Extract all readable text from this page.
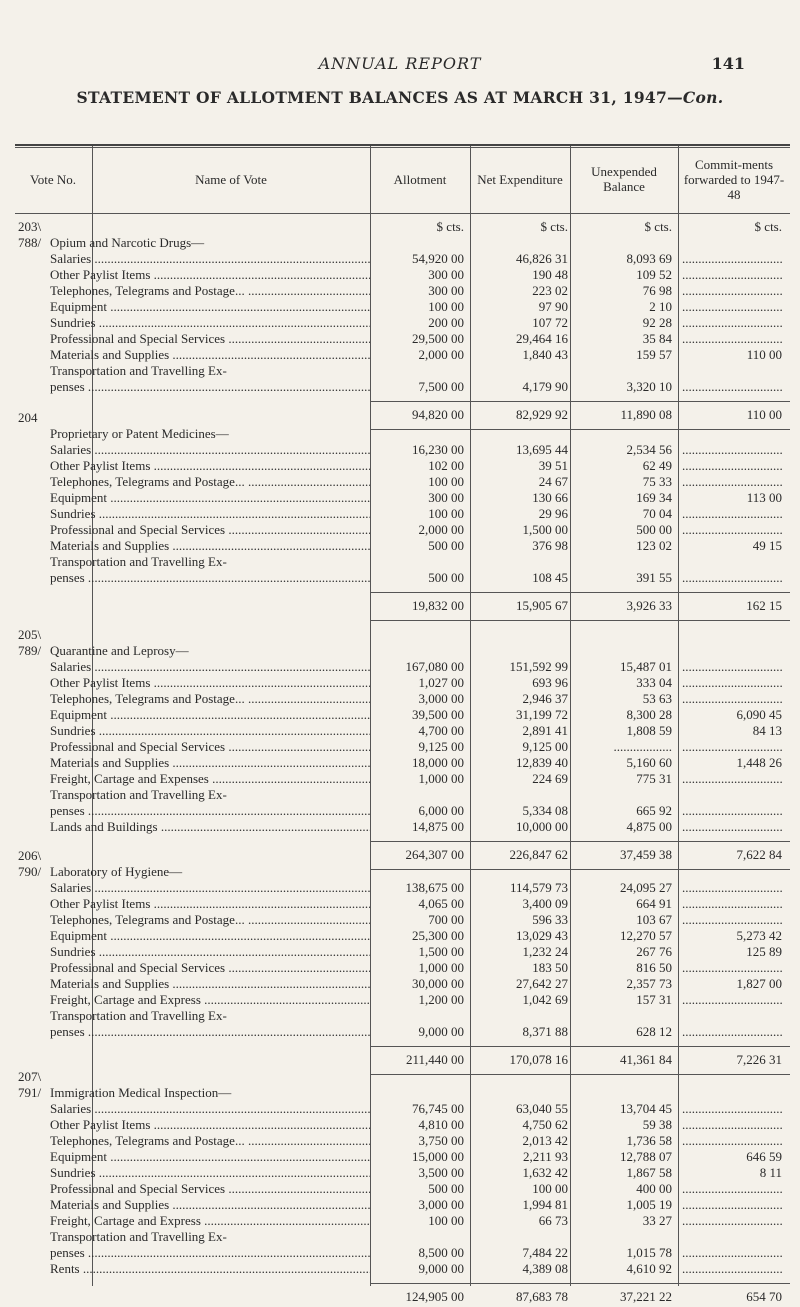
ANNUAL REPORT	141
STATEMENT OF ALLOTMENT BALANCES AS AT MARCH 31, 1947—Con.
Vote No.	Name of Vote	Allotment	Net Expenditure	Unexpended Balance
Commit-ments forwarded to 1947-48
$ cts.	$ cts.	$ cts.	$ cts.
203\
788/ Opium and Narcotic Drugs—
Salaries .....	54,920 00	46,826 31	8,093 69
.....
Other Paylist Items .....	300 00	190 48	109 52
.....
Telephones, Telegrams and Postage... .....	300 00	223 02	76 98
.....
Equipment .....	100 00	97 90	2 10
.....
Sundries .....	200 00	107 72	92 28
.....
Professional and Special Services .....	29,500 00	29,464 16	35 84
.....
Materials and Supplies .....	2,000 00	1,840 43	159 57	110 00
Transportation and Travelling Ex-
penses .....	7,500 00	4,179 90	3,320 10
.....
94,820 00	82,929 92	11,890 08	110 00
204
Proprietary or Patent Medicines—
Salaries .....	16,230 00	13,695 44	2,534 56
.....
Other Paylist Items .....	102 00	39 51	62 49
.....
Telephones, Telegrams and Postage... .....	100 00	24 67	75 33
.....
Equipment .....	300 00	130 66	169 34	113 00
Sundries .....	100 00	29 96	70 04
.....
Professional and Special Services .....	2,000 00	1,500 00	500 00
.....
Materials and Supplies .....	500 00	376 98	123 02	49 15
Transportation and Travelling Ex-
penses .....	500 00	108 45	391 55
.....
19,832 00	15,905 67	3,926 33	162 15
205\
789/ Quarantine and Leprosy—
Salaries .....	167,080 00	151,592 99	15,487 01
.....
Other Paylist Items .....	1,027 00	693 96	333 04
.....
Telephones, Telegrams and Postage... .....	3,000 00	2,946 37	53 63
.....
Equipment .....	39,500 00	31,199 72	8,300 28	6,090 45
Sundries .....	4,700 00	2,891 41	1,808 59	84 13
Professional and Special Services .....	9,125 00	9,125 00
.....	..................
Materials and Supplies .....	18,000 00	12,839 40	5,160 60	1,448 26
Freight, Cartage and Expenses .....	1,000 00	224 69	775 31
.....
Transportation and Travelling Ex-
penses .....	6,000 00	5,334 08	665 92
.....
Lands and Buildings .....	14,875 00	10,000 00	4,875 00
.....
264,307 00	226,847 62	37,459 38	7,622 84
206\
790/ Laboratory of Hygiene—
Salaries .....	138,675 00	114,579 73	24,095 27
.....
Other Paylist Items .....	4,065 00	3,400 09	664 91
.....
Telephones, Telegrams and Postage... .....	700 00	596 33	103 67
.....
Equipment .....	25,300 00	13,029 43	12,270 57	5,273 42
Sundries .....	1,500 00	1,232 24	267 76	125 89
Professional and Special Services .....	1,000 00	183 50	816 50
.....
Materials and Supplies .....	30,000 00	27,642 27	2,357 73	1,827 00
Freight, Cartage and Express .....	1,200 00	1,042 69	157 31
.....
Transportation and Travelling Ex-
penses .....	9,000 00	8,371 88	628 12
.....
211,440 00	170,078 16	41,361 84	7,226 31
207\
791/ Immigration Medical Inspection—
Salaries .....	76,745 00	63,040 55	13,704 45
.....
Other Paylist Items .....	4,810 00	4,750 62	59 38
.....
Telephones, Telegrams and Postage... .....	3,750 00	2,013 42	1,736 58
.....
Equipment .....	15,000 00	2,211 93	12,788 07	646 59
Sundries .....	3,500 00	1,632 42	1,867 58	8 11
Professional and Special Services .....	500 00	100 00	400 00
.....
Materials and Supplies .....	3,000 00	1,994 81	1,005 19
.....
Freight, Cartage and Express .....	100 00	66 73	33 27
.....
Transportation and Travelling Ex-
penses .....	8,500 00	7,484 22	1,015 78
.....
Rents .....	9,000 00	4,389 08	4,610 92
.....
124,905 00	87,683 78	37,221 22	654 70
